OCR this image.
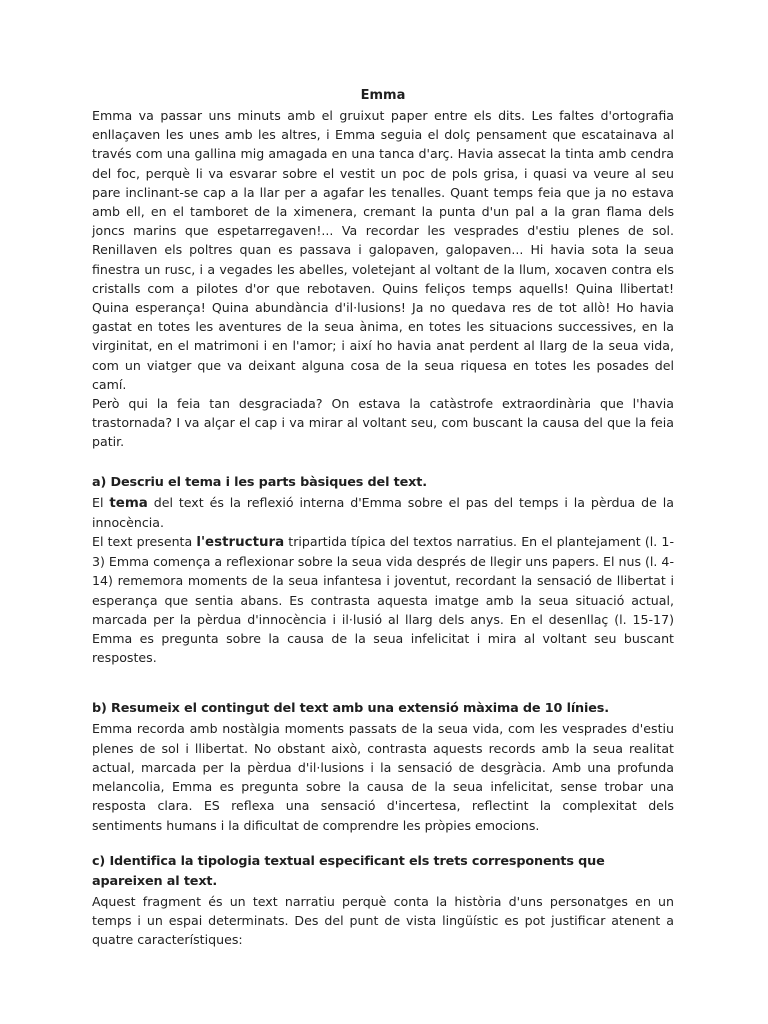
Emma

Emma va passar uns minuts amb el gruixut paper entre els dits. Les faltes d'ortografia enllaçaven les unes amb les altres, i Emma seguia el dolç pensament que escatainava al través com una gallina mig amagada en una tanca d'arç. Havia assecat la tinta amb cendra del foc, perquè li va esvarar sobre el vestit un poc de pols grisa, i quasi va veure al seu pare inclinant-se cap a la llar per a agafar les tenalles. Quant temps feia que ja no estava amb ell, en el tamboret de la ximenera, cremant la punta d'un pal a la gran flama dels joncs marins que espetarregaven!... Va recordar les vesprades d'estiu plenes de sol. Renillaven els poltres quan es passava i galopaven, galopaven... Hi havia sota la seua finestra un rusc, i a vegades les abelles, voletejant al voltant de la llum, xocaven contra els cristalls com a pilotes d'or que rebotaven. Quins feliços temps aquells! Quina llibertat! Quina esperança! Quina abundància d'il·lusions! Ja no quedava res de tot allò! Ho havia gastat en totes les aventures de la seua ànima, en totes les situacions successives, en la virginitat, en el matrimoni i en l'amor; i així ho havia anat perdent al llarg de la seua vida, com un viatger que va deixant alguna cosa de la seua riquesa en totes les posades del camí.

Però qui la feia tan desgraciada? On estava la catàstrofe extraordinària que l'havia trastornada? I va alçar el cap i va mirar al voltant seu, com buscant la causa del que la feia patir.

a) Descriu el tema i les parts bàsiques del text.

El tema del text és la reflexió interna d'Emma sobre el pas del temps i la pèrdua de la innocència.

El text presenta l'estructura tripartida típica del textos narratius. En el plantejament (l. 1-3) Emma comença a reflexionar sobre la seua vida després de llegir uns papers. El nus (l. 4-14) rememora moments de la seua infantesa i joventut, recordant la sensació de llibertat i esperança que sentia abans. Es contrasta aquesta imatge amb la seua situació actual, marcada per la pèrdua d'innocència i il·lusió al llarg dels anys. En el desenllaç (l. 15-17) Emma es pregunta sobre la causa de la seua infelicitat i mira al voltant seu buscant respostes.

b) Resumeix el contingut del text amb una extensió màxima de 10 línies.

Emma recorda amb nostàlgia moments passats de la seua vida, com les vesprades d'estiu plenes de sol i llibertat. No obstant això, contrasta aquests records amb la seua realitat actual, marcada per la pèrdua d'il·lusions i la sensació de desgràcia. Amb una profunda melancolia, Emma es pregunta sobre la causa de la seua infelicitat, sense trobar una resposta clara. ES reflexa una sensació d'incertesa, reflectint la complexitat dels sentiments humans i la dificultat de comprendre les pròpies emocions.

c) Identifica la tipologia textual especificant els trets corresponents que apareixen al text.

Aquest fragment és un text narratiu perquè conta la història d'uns personatges en un temps i un espai determinats. Des del punt de vista lingüístic es pot justificar atenent a quatre característiques:
